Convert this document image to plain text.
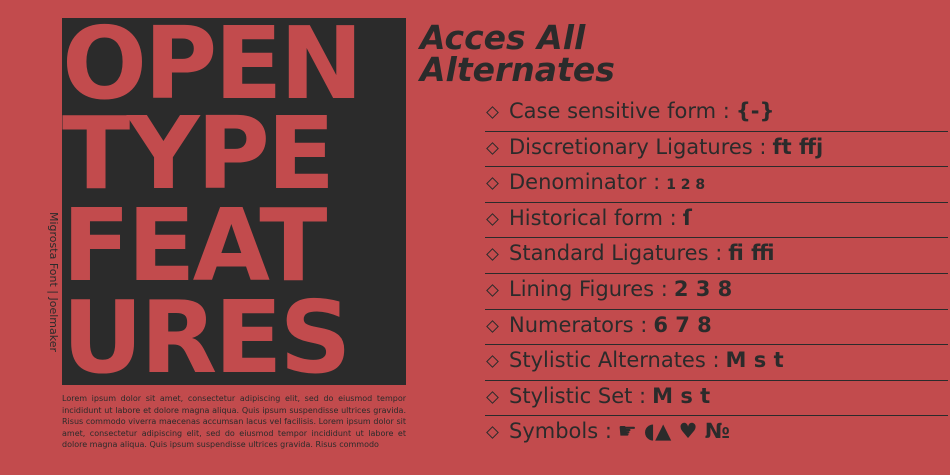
OPEN
TYPE
FEAT
URES
Migrosta Font | Joelmaker
Lorem ipsum dolor sit amet, consectetur adipiscing elit, sed do eiusmod tempor incididunt ut labore et dolore magna aliqua. Quis ipsum suspendisse ultrices gravida. Risus commodo viverra maecenas accumsan lacus vel facilisis. Lorem ipsum dolor sit amet, consectetur adipiscing elit, sed do eiusmod tempor incididunt ut labore et dolore magna aliqua. Quis ipsum suspendisse ultrices gravida. Risus commodo
Acces All
Alternates
Case sensitive form : {-}
Discretionary Ligatures : ft ffj
Denominator : 1 2 8
Historical form : ſ
Standard Ligatures : fi ffi
Lining Figures : 2 3 8
Numerators : 6 7 8
Stylistic Alternates : M s t
Stylistic Set : M s t
Symbols : ☛ ◖▲ ♥ №
